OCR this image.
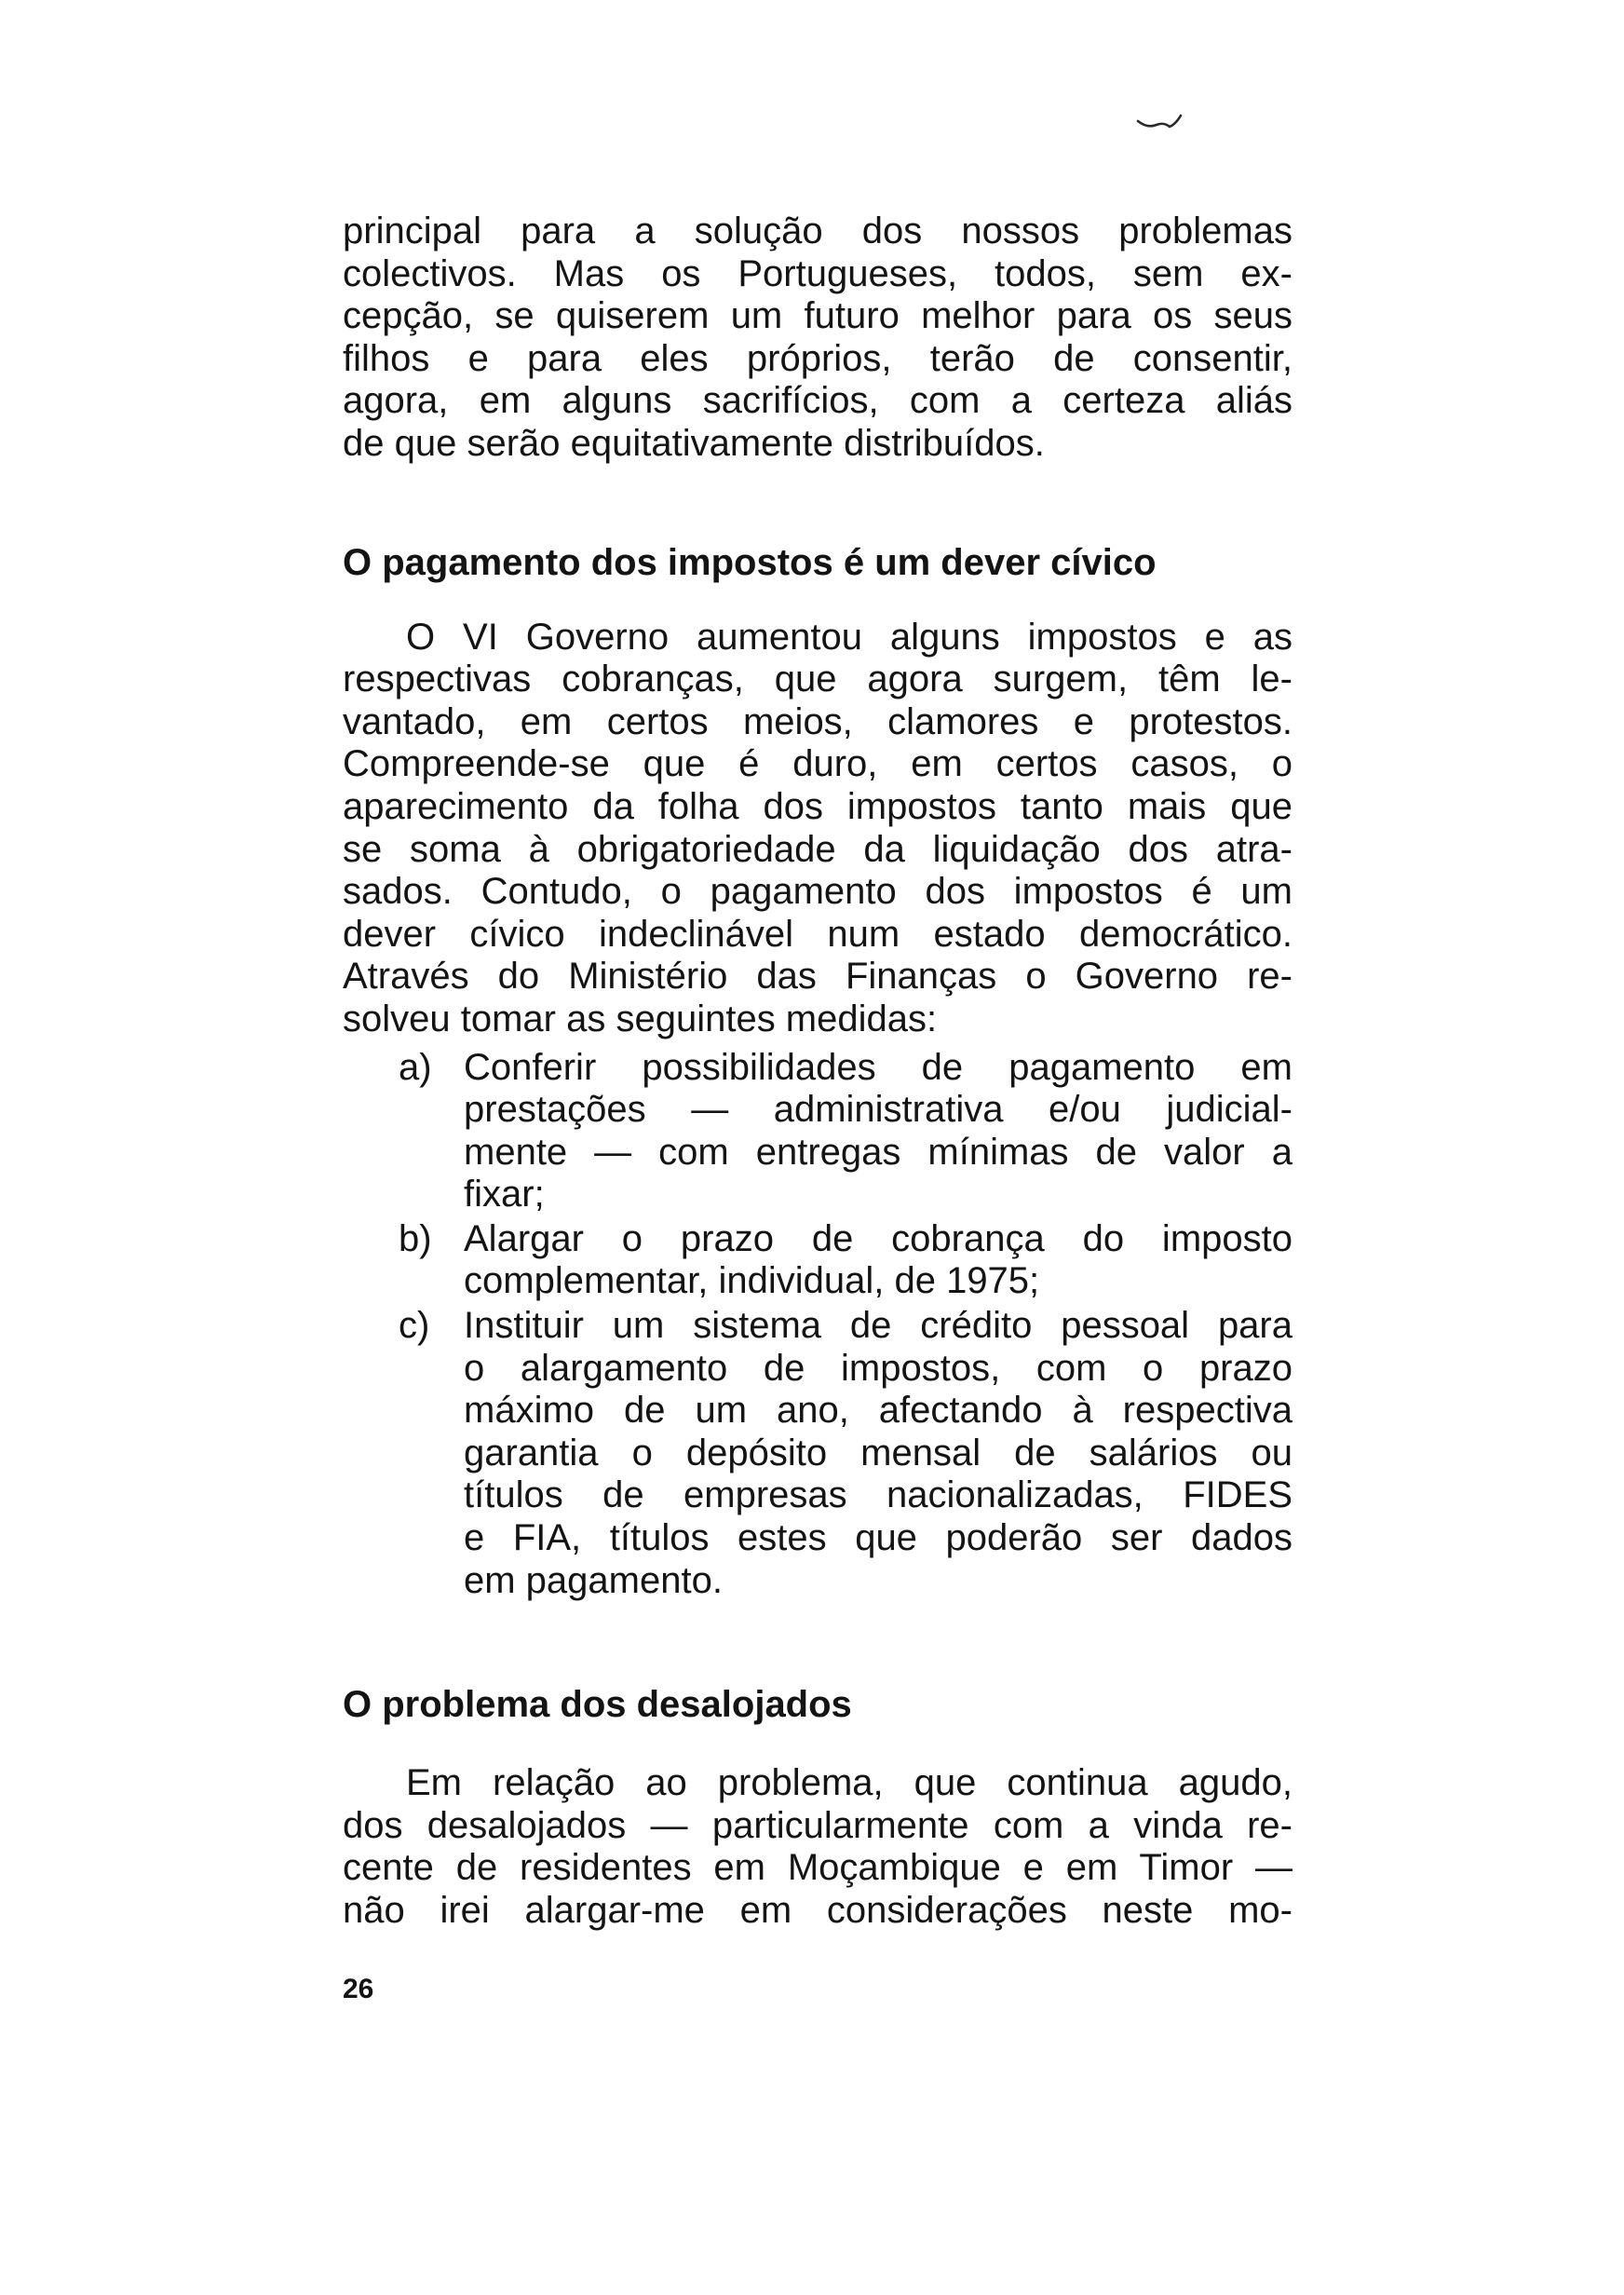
principal para a solução dos nossos problemas
colectivos. Mas os Portugueses, todos, sem ex-
cepção, se quiserem um futuro melhor para os seus
filhos e para eles próprios, terão de consentir,
agora, em alguns sacrifícios, com a certeza aliás
de que serão equitativamente distribuídos.

O pagamento dos impostos é um dever cívico

O VI Governo aumentou alguns impostos e as
respectivas cobranças, que agora surgem, têm le-
vantado, em certos meios, clamores e protestos.
Compreende-se que é duro, em certos casos, o
aparecimento da folha dos impostos tanto mais que
se soma à obrigatoriedade da liquidação dos atra-
sados. Contudo, o pagamento dos impostos é um
dever cívico indeclinável num estado democrático.
Através do Ministério das Finanças o Governo re-
solveu tomar as seguintes medidas:

a) Conferir possibilidades de pagamento em
prestações — administrativa e/ou judicial-
mente — com entregas mínimas de valor a
fixar;
b) Alargar o prazo de cobrança do imposto
complementar, individual, de 1975;
c) Instituir um sistema de crédito pessoal para
o alargamento de impostos, com o prazo
máximo de um ano, afectando à respectiva
garantia o depósito mensal de salários ou
títulos de empresas nacionalizadas, FIDES
e FIA, títulos estes que poderão ser dados
em pagamento.
O problema dos desalojados

Em relação ao problema, que continua agudo,
dos desalojados — particularmente com a vinda re-
cente de residentes em Moçambique e em Timor —
não irei alargar-me em considerações neste mo-

26
